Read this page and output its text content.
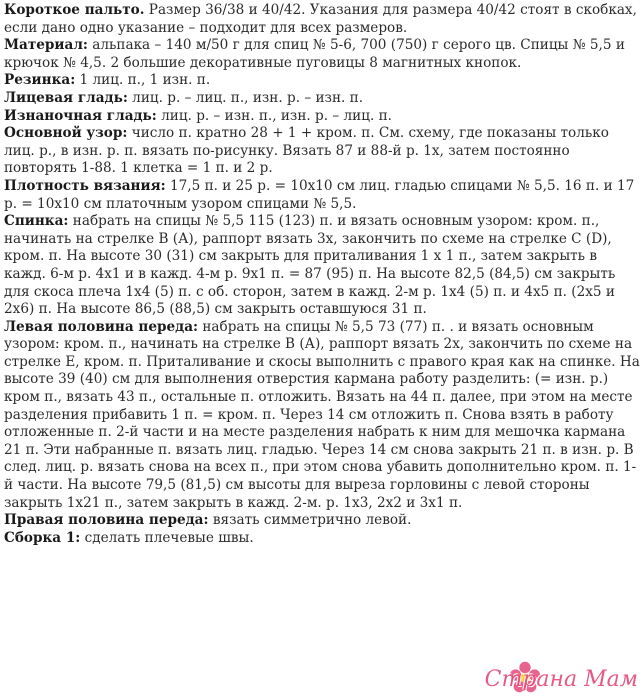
Короткое пальто. Размер 36/38 и 40/42. Указания для размера 40/42 стоят в скобках, если дано одно указание – подходит для всех размеров.

Материал: альпака – 140 м/50 г для спиц № 5-6, 700 (750) г серого цв. Спицы № 5,5 и крючок № 4,5. 2 большие декоративные пуговицы 8 магнитных кнопок.

Резинка: 1 лиц. п., 1 изн. п.

Лицевая гладь: лиц. р. – лиц. п., изн. р. – изн. п.

Изнаночная гладь: лиц. р. – изн. п., изн. р. – лиц. п.

Основной узор: число п. кратно 28 + 1 + кром. п. См. схему, где показаны только лиц. р., в изн. р. п. вязать по-рисунку. Вязать 87 и 88-й р. 1х, затем постоянно повторять 1-88. 1 клетка = 1 п. и 2 р.

Плотность вязания: 17,5 п. и 25 р. = 10х10 см лиц. гладью спицами № 5,5. 16 п. и 17 р. = 10х10 см платочным узором спицами № 5,5.

Спинка: набрать на спицы № 5,5 115 (123) п. и вязать основным узором: кром. п., начинать на стрелке В (А), раппорт вязать 3х, закончить по схеме на стрелке С (D), кром. п. На высоте 30 (31) см закрыть для приталивания 1 х 1 п., затем закрыть в кажд. 6-м р. 4х1 и в кажд. 4-м р. 9х1 п. = 87 (95) п. На высоте 82,5 (84,5) см закрыть для скоса плеча 1х4 (5) п. с об. сторон, затем в кажд. 2-м р. 1х4 (5) п. и 4х5 п. (2х5 и 2х6) п. На высоте 86,5 (88,5) см закрыть оставшуюся 31 п.

Левая половина переда: набрать на спицы № 5,5 73 (77) п. . и вязать основным узором: кром. п., начинать на стрелке В (А), раппорт вязать 2х, закончить по схеме на стрелке Е, кром. п. Приталивание и скосы выполнить с правого края как на спинке. На высоте 39 (40) см для выполнения отверстия кармана работу разделить: (= изн. р.) кром п., вязать 43 п., остальные п. отложить. Вязать на 44 п. далее, при этом на месте разделения прибавить 1 п. = кром. п. Через 14 см отложить п. Снова взять в работу отложенные п. 2-й части и на месте разделения набрать к ним для мешочка кармана 21 п. Эти набранные п. вязать лиц. гладью. Через 14 см снова закрыть 21 п. в изн. р. В след. лиц. р. вязать снова на всех п., при этом снова убавить дополнительно кром. п. 1-й части. На высоте 79,5 (81,5) см высоты для выреза горловины с левой стороны закрыть 1х21 п., затем закрыть в кажд. 2-м. р. 1х3, 2х2 и 3х1 п.

Правая половина переда: вязать симметрично левой.

Сборка 1: сделать плечевые швы.

Страна Мам
